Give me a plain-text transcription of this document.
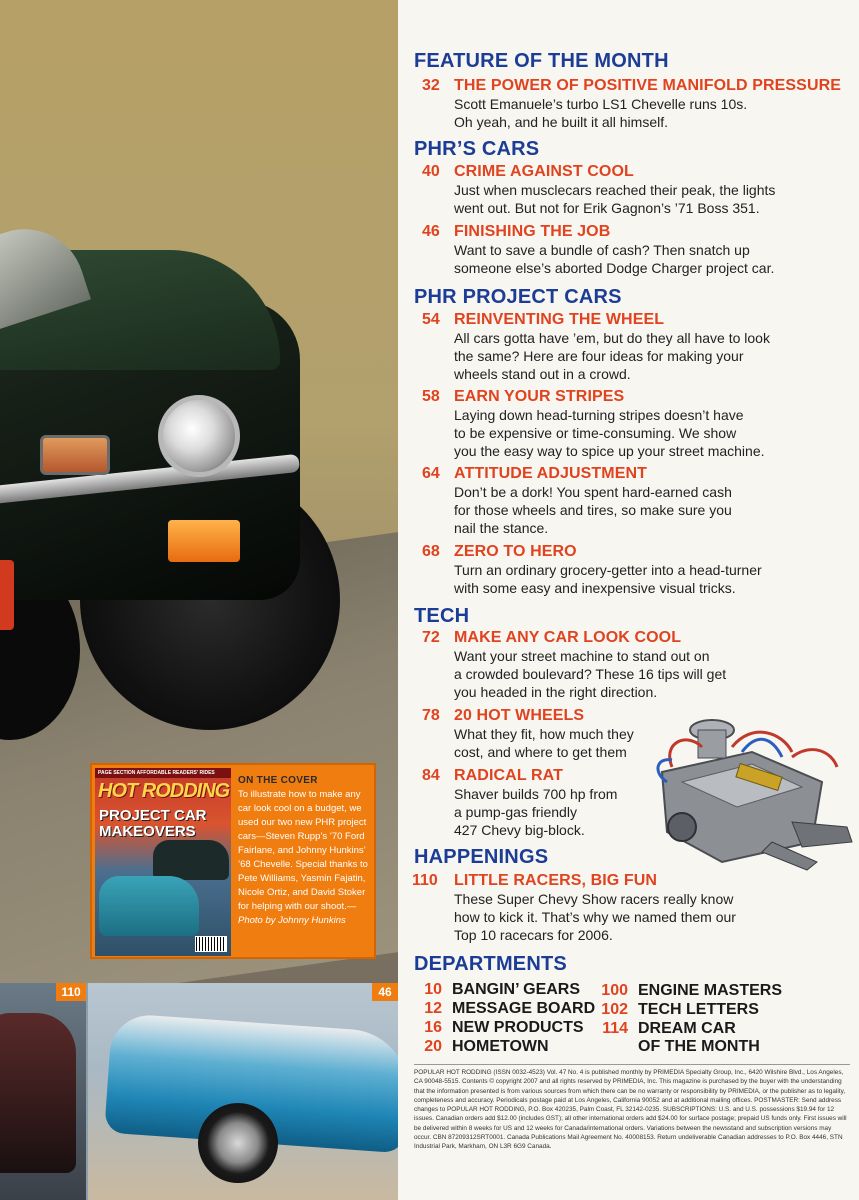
PAGE SECTION AFFORDABLE READERS' RIDES
HOT RODDING
PROJECT CAR MAKEOVERS
ON THE COVER
To illustrate how to make any car look cool on a budget, we used our two new PHR project cars—Steven Rupp’s ’70 Ford Fairlane, and Johnny Hunkins’ ’68 Chevelle. Special thanks to Pete Williams, Yasmin Fajatin, Nicole Ortiz, and David Stoker for helping with our shoot.—Photo by Johnny Hunkins
110	46
FEATURE OF THE MONTH
32 THE POWER OF POSITIVE MANIFOLD PRESSURE
Scott Emanuele’s turbo LS1 Chevelle runs 10s.
Oh yeah, and he built it all himself.
PHR’S CARS
40 CRIME AGAINST COOL
Just when musclecars reached their peak, the lights
went out. But not for Erik Gagnon’s ’71 Boss 351.
46 FINISHING THE JOB
Want to save a bundle of cash? Then snatch up
someone else’s aborted Dodge Charger project car.
PHR PROJECT CARS
54 REINVENTING THE WHEEL
All cars gotta have ’em, but do they all have to look
the same? Here are four ideas for making your
wheels stand out in a crowd.
58 EARN YOUR STRIPES
Laying down head-turning stripes doesn’t have
to be expensive or time-consuming. We show
you the easy way to spice up your street machine.
64 ATTITUDE ADJUSTMENT
Don’t be a dork! You spent hard-earned cash
for those wheels and tires, so make sure you
nail the stance.
68 ZERO TO HERO
Turn an ordinary grocery-getter into a head-turner
with some easy and inexpensive visual tricks.
TECH
72 MAKE ANY CAR LOOK COOL
Want your street machine to stand out on
a crowded boulevard? These 16 tips will get
you headed in the right direction.
78 20 HOT WHEELS
What they fit, how much they
cost, and where to get them
84 RADICAL RAT
Shaver builds 700 hp from
a pump-gas friendly
427 Chevy big-block.
HAPPENINGS
110 LITTLE RACERS, BIG FUN
These Super Chevy Show racers really know
how to kick it. That’s why we named them our
Top 10 racecars for 2006.
DEPARTMENTS
10 BANGIN’ GEARS
12 MESSAGE BOARD
16 NEW PRODUCTS
20 HOMETOWN
100 ENGINE MASTERS
102 TECH LETTERS
114 DREAM CAR
OF THE MONTH
POPULAR HOT RODDING (ISSN 0032-4523) Vol. 47 No. 4 is published monthly by PRIMEDIA Specialty Group, Inc., 6420 Wilshire Blvd., Los Angeles, CA 90048-5515. Contents © copyright 2007 and all rights reserved by PRIMEDIA, Inc. This magazine is purchased by the buyer with the understanding that the information presented is from various sources from which there can be no warranty or responsibility by PRIMEDIA, or the publisher as to legality, completeness and accuracy. Periodicals postage paid at Los Angeles, California 90052 and at additional mailing offices. POSTMASTER: Send address changes to POPULAR HOT RODDING, P.O. Box 420235, Palm Coast, FL 32142-0235. SUBSCRIPTIONS: U.S. and U.S. possessions $19.94 for 12 issues. Canadian orders add $12.00 (includes GST); all other international orders add $24.00 for surface postage; prepaid US funds only. First issues will be delivered within 8 weeks for US and 12 weeks for Canada/international orders. Variations between the newsstand and subscription versions may occur. CBN 87209312SRT0001. Canada Publications Mail Agreement No. 40008153. Return undeliverable Canadian addresses to P.O. Box 4446, STN Industrial Park, Markham, ON L3R 6G9 Canada.
